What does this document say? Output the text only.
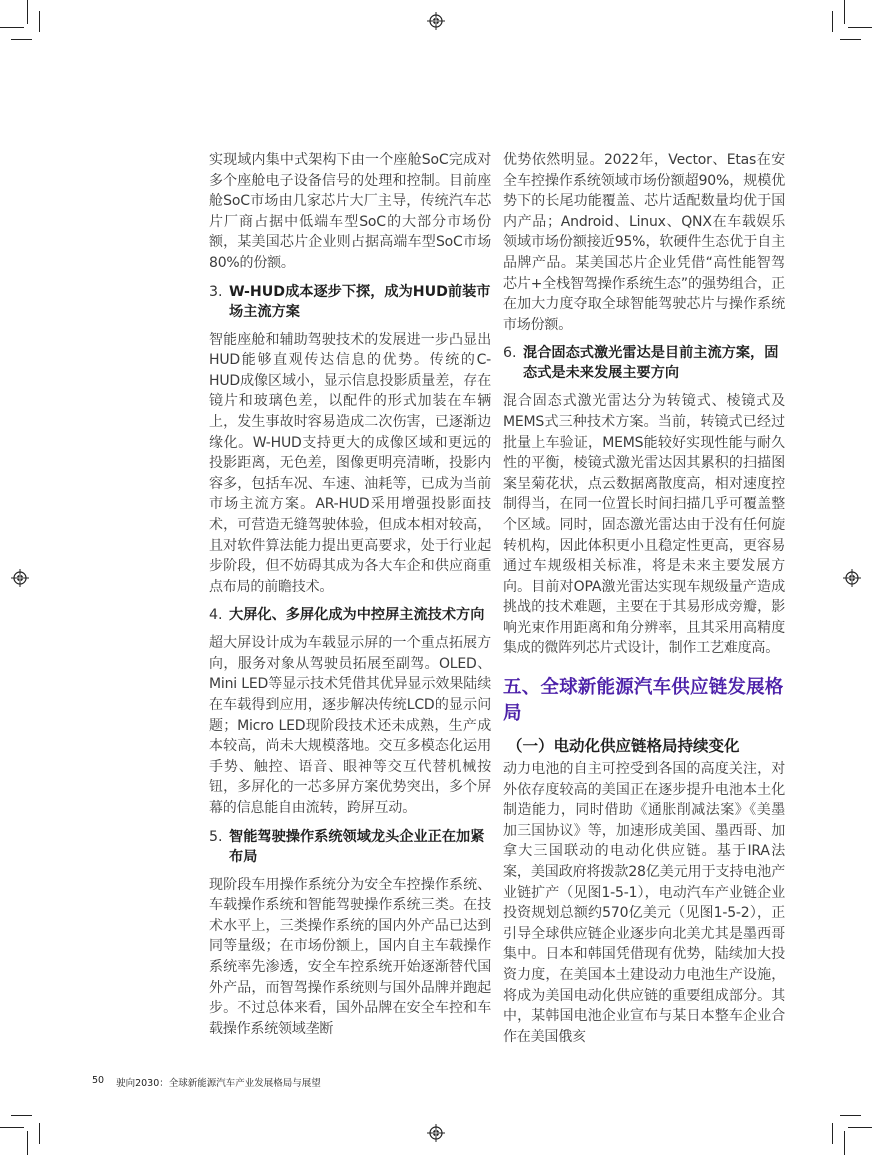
实现域内集中式架构下由一个座舱SoC完成对多个座舱电子设备信号的处理和控制。目前座舱SoC市场由几家芯片大厂主导，传统汽车芯片厂商占据中低端车型SoC的大部分市场份额，某美国芯片企业则占据高端车型SoC市场80%的份额。

3. W-HUD成本逐步下探，成为HUD前装市场主流方案

智能座舱和辅助驾驶技术的发展进一步凸显出HUD能够直观传达信息的优势。传统的C-HUD成像区域小，显示信息投影质量差，存在镜片和玻璃色差，以配件的形式加装在车辆上，发生事故时容易造成二次伤害，已逐渐边缘化。W-HUD支持更大的成像区域和更远的投影距离，无色差，图像更明亮清晰，投影内容多，包括车况、车速、油耗等，已成为当前市场主流方案。AR-HUD采用增强投影面技术，可营造无缝驾驶体验，但成本相对较高，且对软件算法能力提出更高要求，处于行业起步阶段，但不妨碍其成为各大车企和供应商重点布局的前瞻技术。

4. 大屏化、多屏化成为中控屏主流技术方向

超大屏设计成为车载显示屏的一个重点拓展方向，服务对象从驾驶员拓展至副驾。OLED、Mini LED等显示技术凭借其优异显示效果陆续在车载得到应用，逐步解决传统LCD的显示问题；Micro LED现阶段技术还未成熟，生产成本较高，尚未大规模落地。交互多模态化运用手势、触控、语音、眼神等交互代替机械按钮，多屏化的一芯多屏方案优势突出，多个屏幕的信息能自由流转，跨屏互动。

5. 智能驾驶操作系统领域龙头企业正在加紧布局

现阶段车用操作系统分为安全车控操作系统、车载操作系统和智能驾驶操作系统三类。在技术水平上，三类操作系统的国内外产品已达到同等量级；在市场份额上，国内自主车载操作系统率先渗透，安全车控系统开始逐渐替代国外产品，而智驾操作系统则与国外品牌并跑起步。不过总体来看，国外品牌在安全车控和车载操作系统领域垄断

优势依然明显。2022年，Vector、Etas在安全车控操作系统领域市场份额超90%，规模优势下的长尾功能覆盖、芯片适配数量均优于国内产品；Android、Linux、QNX在车载娱乐领域市场份额接近95%，软硬件生态优于自主品牌产品。某美国芯片企业凭借“高性能智驾芯片+全栈智驾操作系统生态”的强势组合，正在加大力度夺取全球智能驾驶芯片与操作系统市场份额。

6. 混合固态式激光雷达是目前主流方案，固态式是未来发展主要方向

混合固态式激光雷达分为转镜式、棱镜式及MEMS式三种技术方案。当前，转镜式已经过批量上车验证，MEMS能较好实现性能与耐久性的平衡，棱镜式激光雷达因其累积的扫描图案呈菊花状，点云数据离散度高，相对速度控制得当，在同一位置长时间扫描几乎可覆盖整个区域。同时，固态激光雷达由于没有任何旋转机构，因此体积更小且稳定性更高，更容易通过车规级相关标准，将是未来主要发展方向。目前对OPA激光雷达实现车规级量产造成挑战的技术难题，主要在于其易形成旁瓣，影响光束作用距离和角分辨率，且其采用高精度集成的微阵列芯片式设计，制作工艺难度高。

五、全球新能源汽车供应链发展格局
（一）电动化供应链格局持续变化

动力电池的自主可控受到各国的高度关注，对外依存度较高的美国正在逐步提升电池本土化制造能力，同时借助《通胀削减法案》《美墨加三国协议》等，加速形成美国、墨西哥、加拿大三国联动的电动化供应链。基于IRA法案，美国政府将拨款28亿美元用于支持电池产业链扩产（见图1-5-1），电动汽车产业链企业投资规划总额约570亿美元（见图1-5-2），正引导全球供应链企业逐步向北美尤其是墨西哥集中。日本和韩国凭借现有优势，陆续加大投资力度，在美国本土建设动力电池生产设施，将成为美国电动化供应链的重要组成部分。其中，某韩国电池企业宣布与某日本整车企业合作在美国俄亥

50 驶向2030：全球新能源汽车产业发展格局与展望
